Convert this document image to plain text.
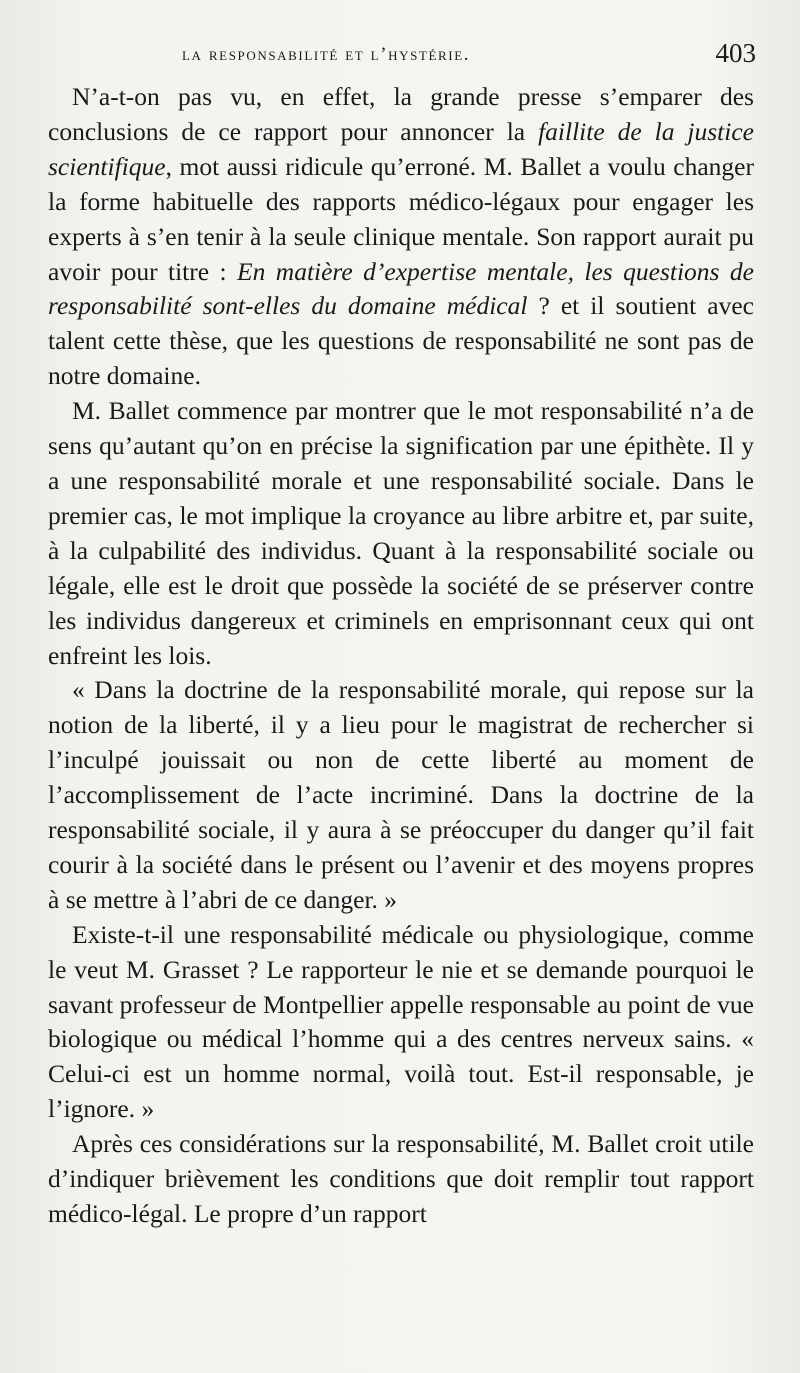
la responsabilité et l’hystérie.	403

N’a-t-on pas vu, en effet, la grande presse s’emparer des conclusions de ce rapport pour annoncer la faillite de la justice scientifique, mot aussi ridicule qu’erroné. M. Ballet a voulu changer la forme habituelle des rapports médico-légaux pour engager les experts à s’en tenir à la seule clinique mentale. Son rapport aurait pu avoir pour titre : En matière d’expertise mentale, les questions de responsabilité sont-elles du domaine médical ? et il soutient avec talent cette thèse, que les questions de responsabilité ne sont pas de notre domaine.

M. Ballet commence par montrer que le mot responsabilité n’a de sens qu’autant qu’on en précise la signification par une épithète. Il y a une responsabilité morale et une responsabilité sociale. Dans le premier cas, le mot implique la croyance au libre arbitre et, par suite, à la culpabilité des individus. Quant à la responsabilité sociale ou légale, elle est le droit que possède la société de se préserver contre les individus dangereux et criminels en emprisonnant ceux qui ont enfreint les lois.

« Dans la doctrine de la responsabilité morale, qui repose sur la notion de la liberté, il y a lieu pour le magistrat de rechercher si l’inculpé jouissait ou non de cette liberté au moment de l’accomplissement de l’acte incriminé. Dans la doctrine de la responsabilité sociale, il y aura à se préoccuper du danger qu’il fait courir à la société dans le présent ou l’avenir et des moyens propres à se mettre à l’abri de ce danger. »

Existe-t-il une responsabilité médicale ou physiologique, comme le veut M. Grasset ? Le rapporteur le nie et se demande pourquoi le savant professeur de Montpellier appelle responsable au point de vue biologique ou médical l’homme qui a des centres nerveux sains. « Celui-ci est un homme normal, voilà tout. Est-il responsable, je l’ignore. »

Après ces considérations sur la responsabilité, M. Ballet croit utile d’indiquer brièvement les conditions que doit remplir tout rapport médico-légal. Le propre d’un rapport
